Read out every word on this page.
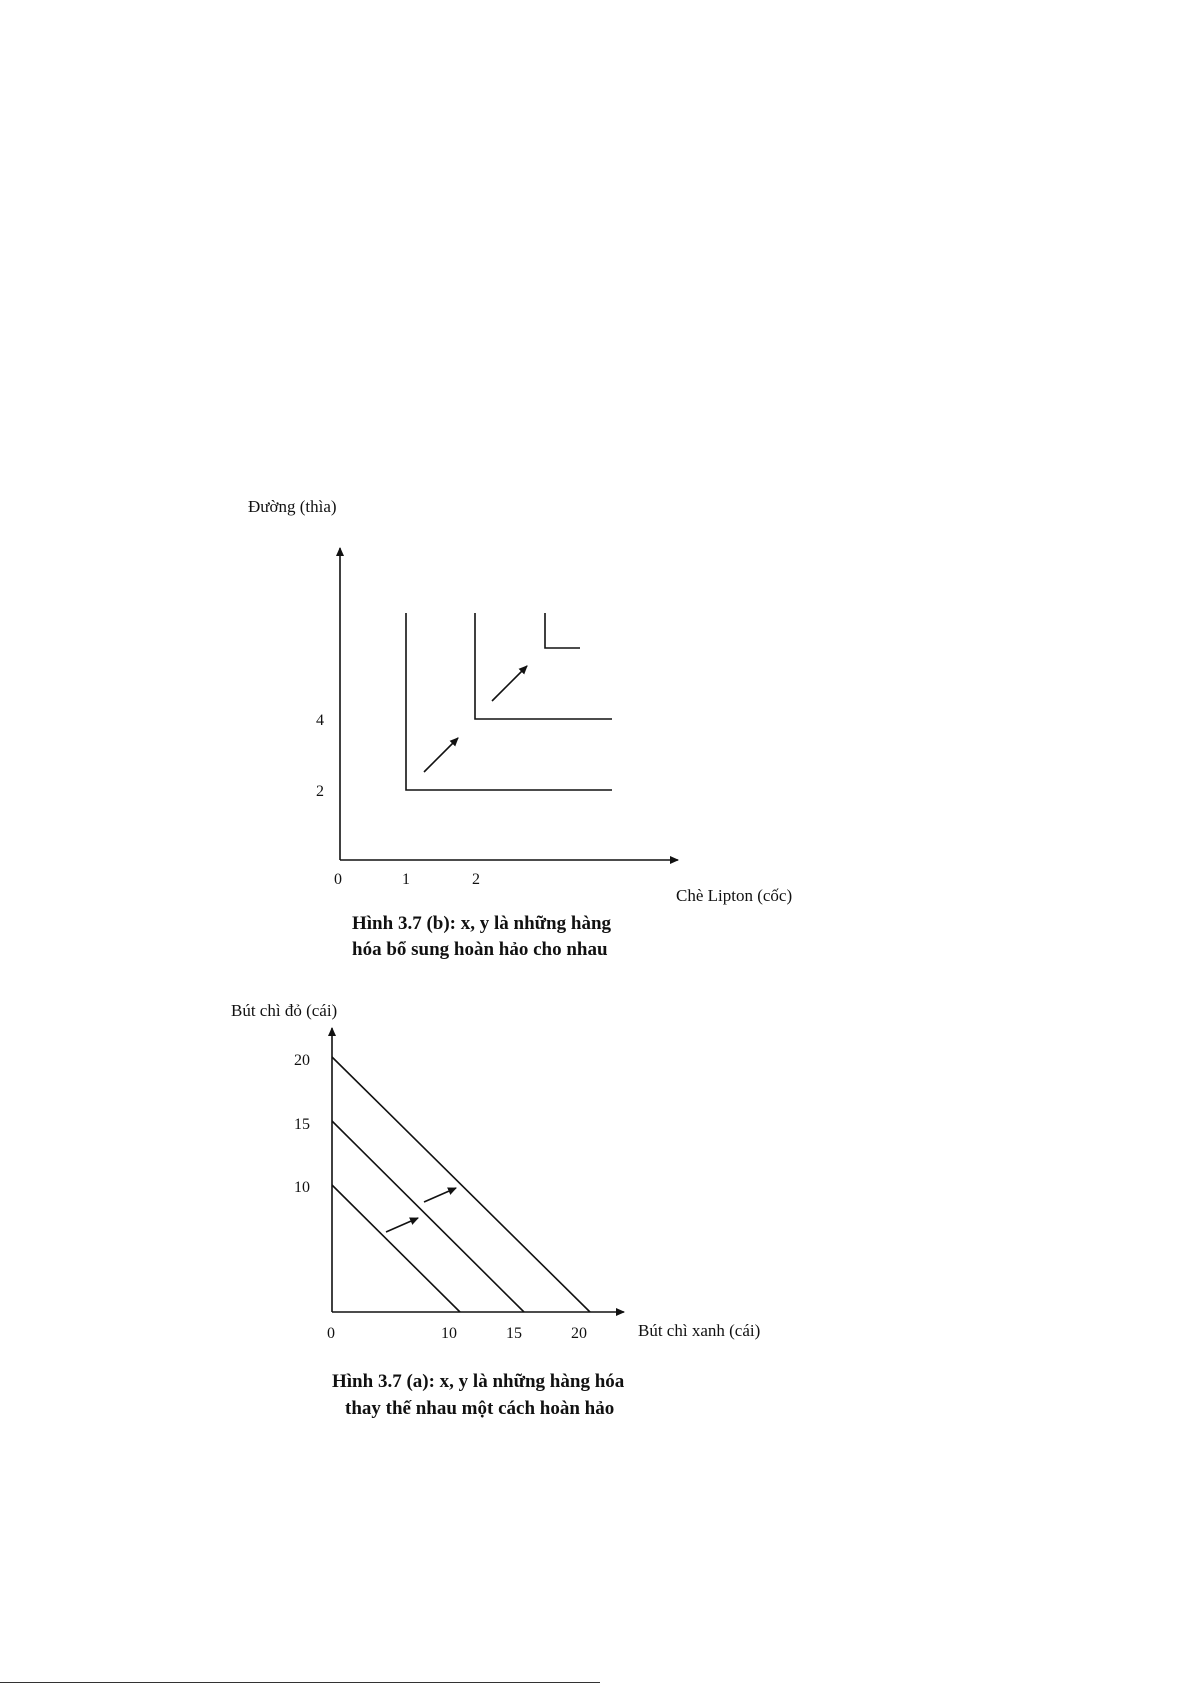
Đường (thìa)
0	1	2
2
4
Chè Lipton (cốc)
Hình 3.7 (b): x, y là những hàng
hóa bổ sung hoàn hảo cho nhau
Bút chì đỏ (cái)
0	10	15	20
10
15
20
Bút chì xanh (cái)
Hình 3.7 (a): x, y là những hàng hóa
thay thế nhau một cách hoàn hảo
